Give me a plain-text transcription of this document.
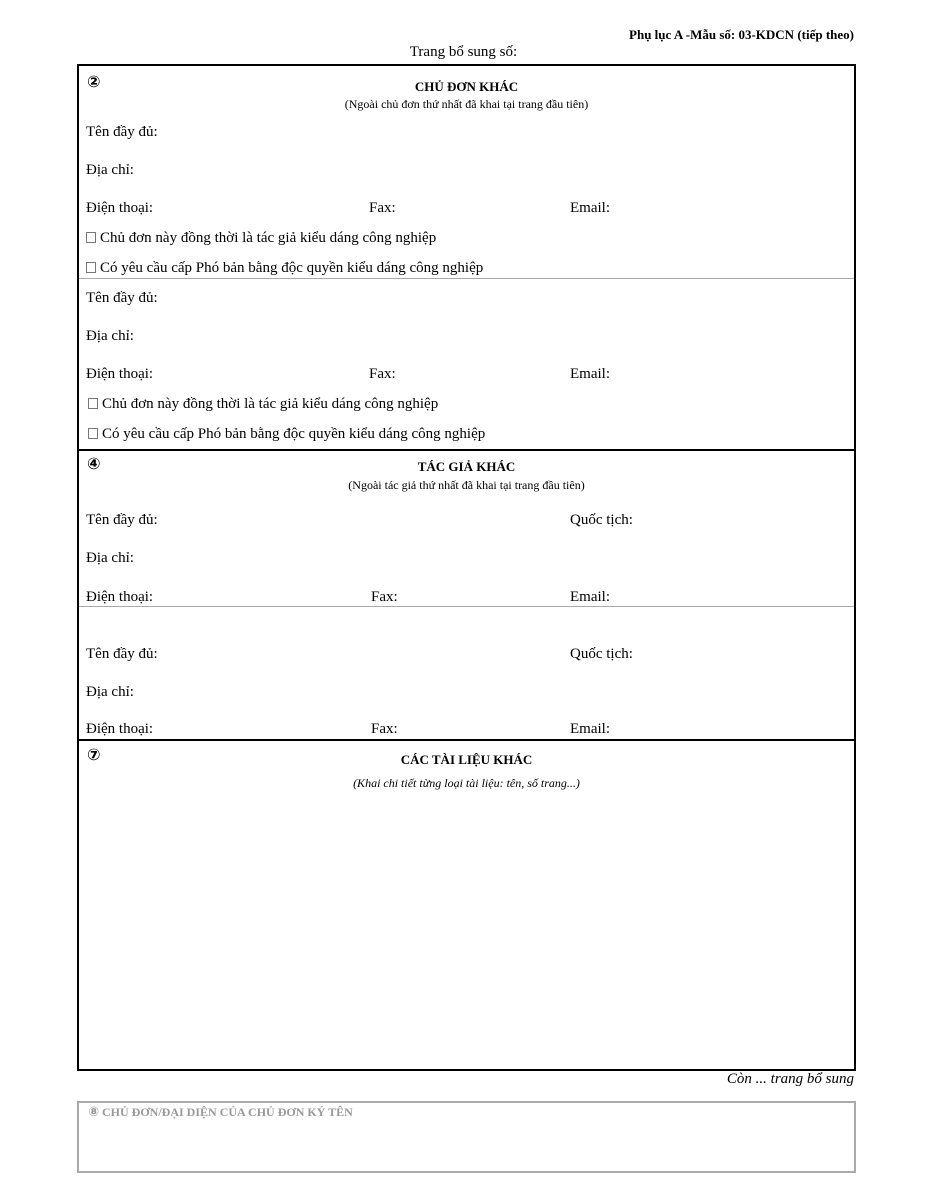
Phụ lục A -Mẫu số: 03-KDCN (tiếp theo)
Trang bổ sung số:
②	CHỦ ĐƠN KHÁC
(Ngoài chủ đơn thứ nhất đã khai tại trang đầu tiên)
Tên đầy đủ:
Địa chỉ:
Điện thoại:	Fax:	Email:
Chủ đơn này đồng thời là tác giả kiểu dáng công nghiệp
Có yêu cầu cấp Phó bản bằng độc quyền kiểu dáng công nghiệp
Tên đầy đủ:
Địa chỉ:
Điện thoại:	Fax:	Email:
Chủ đơn này đồng thời là tác giả kiểu dáng công nghiệp
Có yêu cầu cấp Phó bản bằng độc quyền kiểu dáng công nghiệp
④	TÁC GIẢ KHÁC
(Ngoài tác giả thứ nhất đã khai tại trang đầu tiên)
Tên đầy đủ:	Quốc tịch:
Địa chỉ:
Điện thoại:	Fax:	Email:
Tên đầy đủ:	Quốc tịch:
Địa chỉ:
Điện thoại:	Fax:	Email:
⑦	CÁC TÀI LIỆU KHÁC
(Khai chi tiết từng loại tài liệu: tên, số trang...)
Còn ... trang bổ sung
⑧ CHỦ ĐƠN/ĐẠI DIỆN CỦA CHỦ ĐƠN KÝ TÊN
